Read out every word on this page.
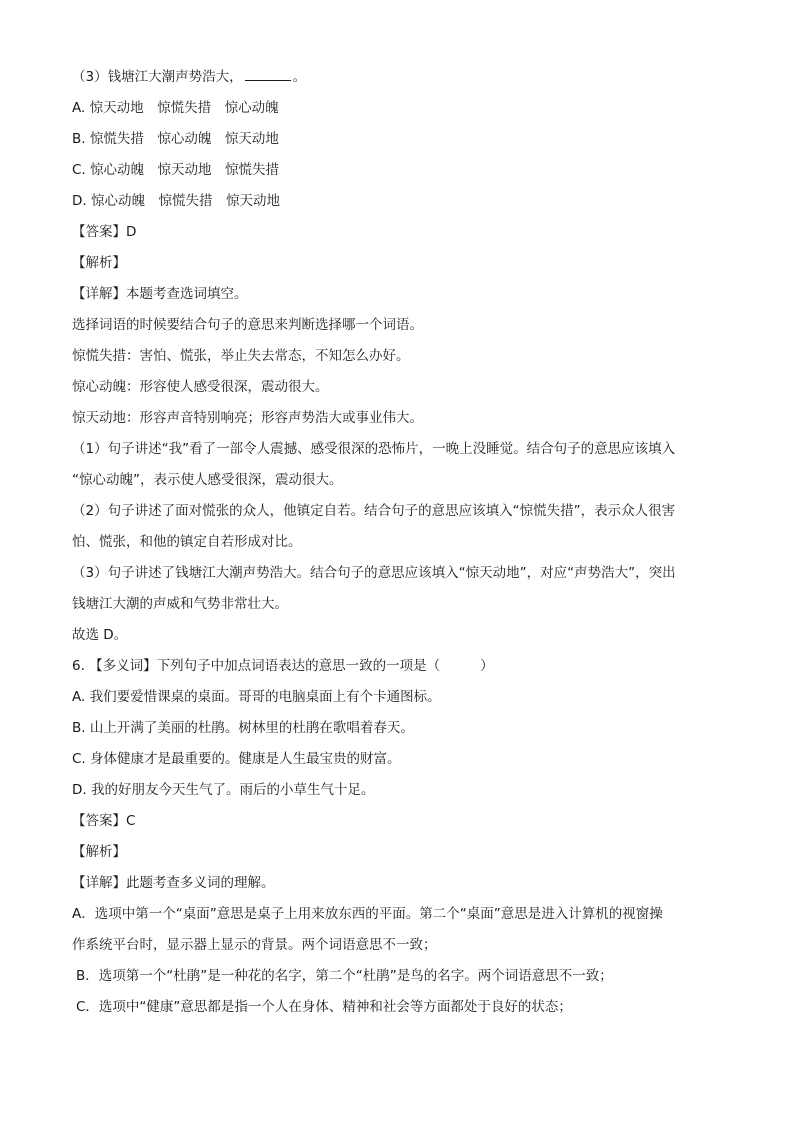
（3）钱塘江大潮声势浩大，	。
A. 惊天动地　惊慌失措　惊心动魄
B. 惊慌失措　惊心动魄　惊天动地
C. 惊心动魄　惊天动地　惊慌失措
D. 惊心动魄　惊慌失措　惊天动地
【答案】D
【解析】
【详解】本题考查选词填空。
选择词语的时候要结合句子的意思来判断选择哪一个词语。
惊慌失措：害怕、慌张，举止失去常态，不知怎么办好。
惊心动魄：形容使人感受很深，震动很大。
惊天动地：形容声音特别响亮；形容声势浩大或事业伟大。
（1）句子讲述“我”看了一部令人震撼、感受很深的恐怖片，一晚上没睡觉。结合句子的意思应该填入
“惊心动魄”，表示使人感受很深，震动很大。
（2）句子讲述了面对慌张的众人，他镇定自若。结合句子的意思应该填入“惊慌失措”，表示众人很害
怕、慌张，和他的镇定自若形成对比。
（3）句子讲述了钱塘江大潮声势浩大。结合句子的意思应该填入“惊天动地”，对应“声势浩大”，突出
钱塘江大潮的声威和气势非常壮大。
故选 D。
6. 【多义词】下列句子中加点词语表达的意思一致的一项是（	）
A. 我们要爱惜课桌的桌面。哥哥的电脑桌面上有个卡通图标。
B. 山上开满了美丽的杜鹃。树林里的杜鹃在歌唱着春天。
C. 身体健康才是最重要的。健康是人生最宝贵的财富。
D. 我的好朋友今天生气了。雨后的小草生气十足。
【答案】C
【解析】
【详解】此题考查多义词的理解。
A．选项中第一个“桌面”意思是桌子上用来放东西的平面。第二个“桌面”意思是进入计算机的视窗操
作系统平台时，显示器上显示的背景。两个词语意思不一致；
B．选项第一个“杜鹃”是一种花的名字，第二个“杜鹃”是鸟的名字。两个词语意思不一致；
C．选项中“健康”意思都是指一个人在身体、精神和社会等方面都处于良好的状态；
